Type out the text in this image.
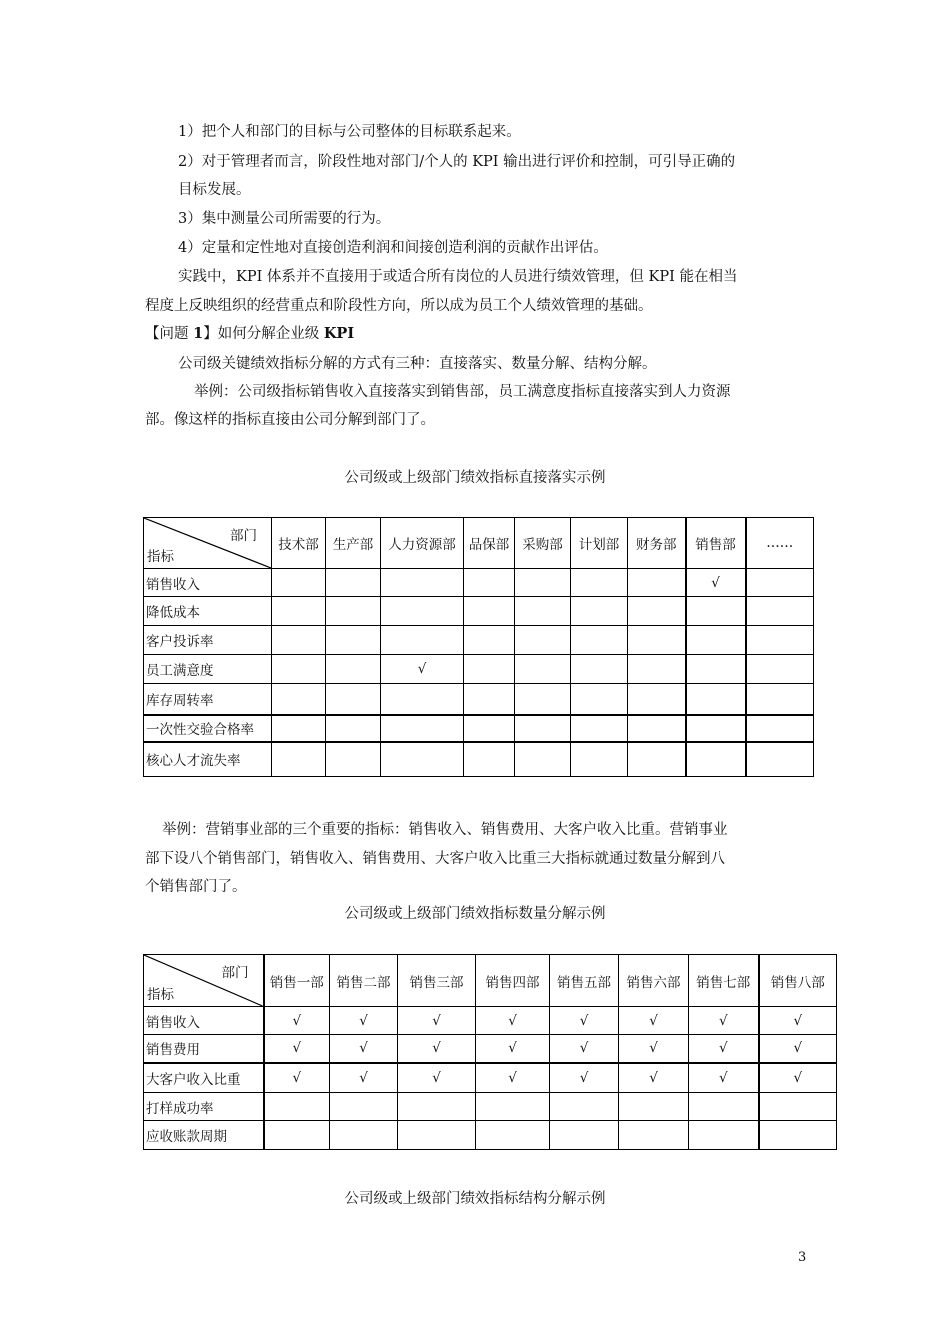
1）把个人和部门的目标与公司整体的目标联系起来。
2）对于管理者而言，阶段性地对部门/个人的 KPI 输出进行评价和控制，可引导正确的
目标发展。
3）集中测量公司所需要的行为。
4）定量和定性地对直接创造利润和间接创造利润的贡献作出评估。
实践中，KPI 体系并不直接用于或适合所有岗位的人员进行绩效管理，但 KPI 能在相当
程度上反映组织的经营重点和阶段性方向，所以成为员工个人绩效管理的基础。
【问题 1】如何分解企业级 KPI
公司级关键绩效指标分解的方式有三种：直接落实、数量分解、结构分解。
举例：公司级指标销售收入直接落实到销售部，员工满意度指标直接落实到人力资源
部。像这样的指标直接由公司分解到部门了。
公司级或上级部门绩效指标直接落实示例
部门
指标	技术部	生产部	人力资源部	品保部	采购部	计划部	财务部	销售部	……
销售收入								√	
降低成本									
客户投诉率									
员工满意度			√						
库存周转率									
一次性交验合格率									
核心人才流失率									
举例：营销事业部的三个重要的指标：销售收入、销售费用、大客户收入比重。营销事业
部下设八个销售部门，销售收入、销售费用、大客户收入比重三大指标就通过数量分解到八
个销售部门了。
公司级或上级部门绩效指标数量分解示例
部门
指标	销售一部	销售二部	销售三部	销售四部	销售五部	销售六部	销售七部	销售八部
销售收入	√	√	√	√	√	√	√	√
销售费用	√	√	√	√	√	√	√	√
大客户收入比重	√	√	√	√	√	√	√	√
打样成功率								
应收账款周期								
公司级或上级部门绩效指标结构分解示例
3
